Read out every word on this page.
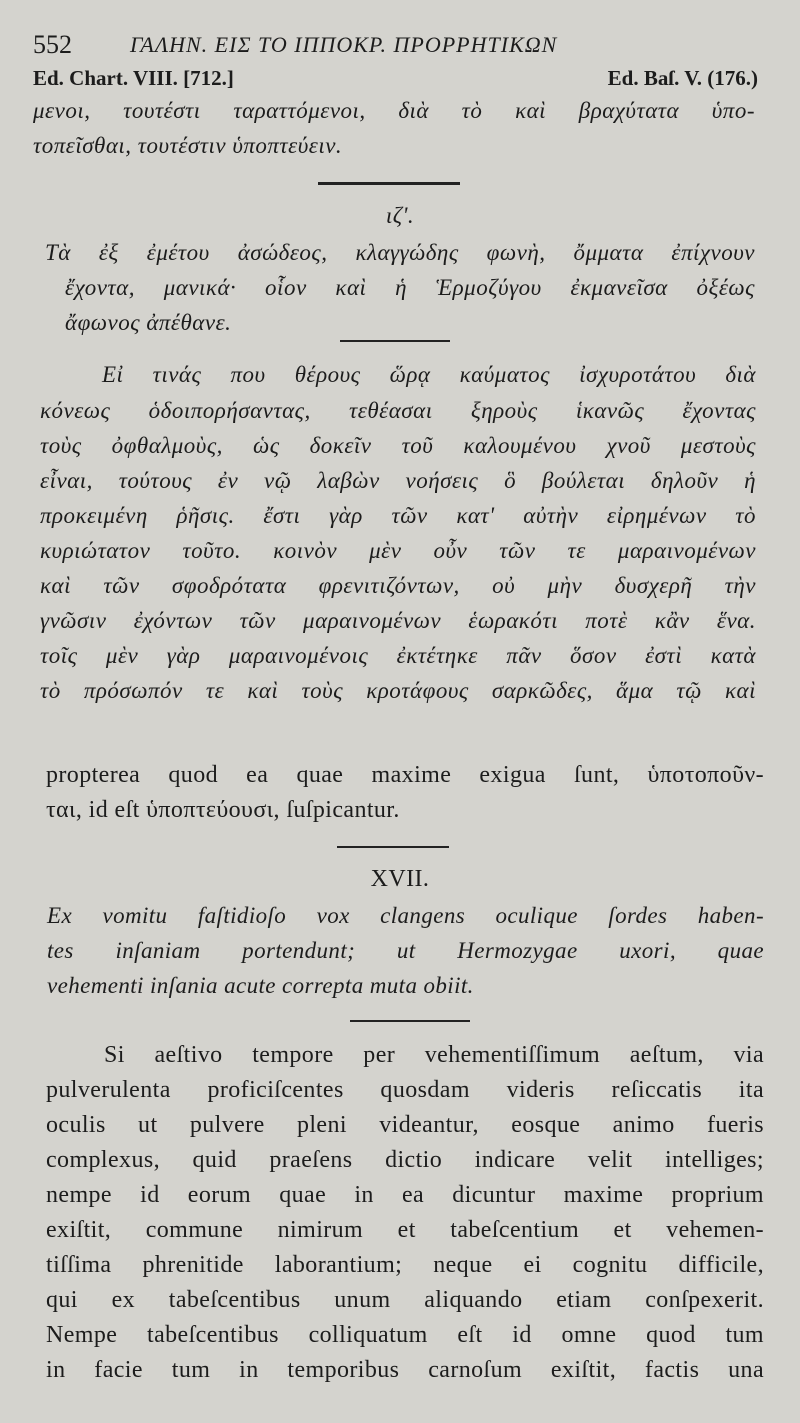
552	ΓΑΛΗΝ. ΕΙΣ ΤΟ ΙΠΠΟΚΡ. ΠΡΟΡΡΗΤΙΚΩΝ
Ed. Chart. VIII. [712.]	Ed. Baſ. V. (176.)
μενοι, τουτέστι ταραττόμενοι, διὰ τὸ καὶ βραχύτατα ὑπο-
τοπεῖσθαι, τουτέστιν ὑποπτεύειν.
ιζ'.
Τὰ ἐξ ἐμέτου ἀσώδεος, κλαγγώδης φωνὴ, ὄμματα ἐπίχνουν
ἔχοντα, μανικά· οἷον καὶ ἡ Ἑρμοζύγου ἐκμανεῖσα ὀξέως
ἄφωνος ἀπέθανε.
Εἰ τινάς που θέρους ὥρᾳ καύματος ἰσχυροτάτου διὰ
κόνεως ὁδοιπορήσαντας, τεθέασαι ξηροὺς ἱκανῶς ἔχοντας
τοὺς ὀφθαλμοὺς, ὡς δοκεῖν τοῦ καλουμένου χνοῦ μεστοὺς
εἶναι, τούτους ἐν νῷ λαβὼν νοήσεις ὃ βούλεται δηλοῦν ἡ
προκειμένη ῥῆσις. ἔστι γὰρ τῶν κατ' αὐτὴν εἰρημένων τὸ
κυριώτατον τοῦτο. κοινὸν μὲν οὖν τῶν τε μαραινομένων
καὶ τῶν σφοδρότατα φρενιτιζόντων, οὐ μὴν δυσχερῆ τὴν
γνῶσιν ἐχόντων τῶν μαραινομένων ἑωρακότι ποτὲ κἂν ἕνα.
τοῖς μὲν γὰρ μαραινομένοις ἐκτέτηκε πᾶν ὅσον ἐστὶ κατὰ
τὸ πρόσωπόν τε καὶ τοὺς κροτάφους σαρκῶδες, ἅμα τῷ καὶ
propterea quod ea quae maxime exigua ſunt, ὑποτοποῦν-
ται, id eſt ὑποπτεύουσι, ſuſpicantur.
XVII.
Ex vomitu faſtidioſo vox clangens oculique ſordes haben-
tes inſaniam portendunt; ut Hermozygae uxori, quae
vehementi inſania acute correpta muta obiit.
Si aeſtivo tempore per vehementiſſimum aeſtum, via
pulverulenta proficiſcentes quosdam videris reſiccatis ita
oculis ut pulvere pleni videantur, eosque animo fueris
complexus, quid praeſens dictio indicare velit intelliges;
nempe id eorum quae in ea dicuntur maxime proprium
exiſtit, commune nimirum et tabeſcentium et vehemen-
tiſſima phrenitide laborantium; neque ei cognitu difficile,
qui ex tabeſcentibus unum aliquando etiam conſpexerit.
Nempe tabeſcentibus colliquatum eſt id omne quod tum
in facie tum in temporibus carnoſum exiſtit, factis una
